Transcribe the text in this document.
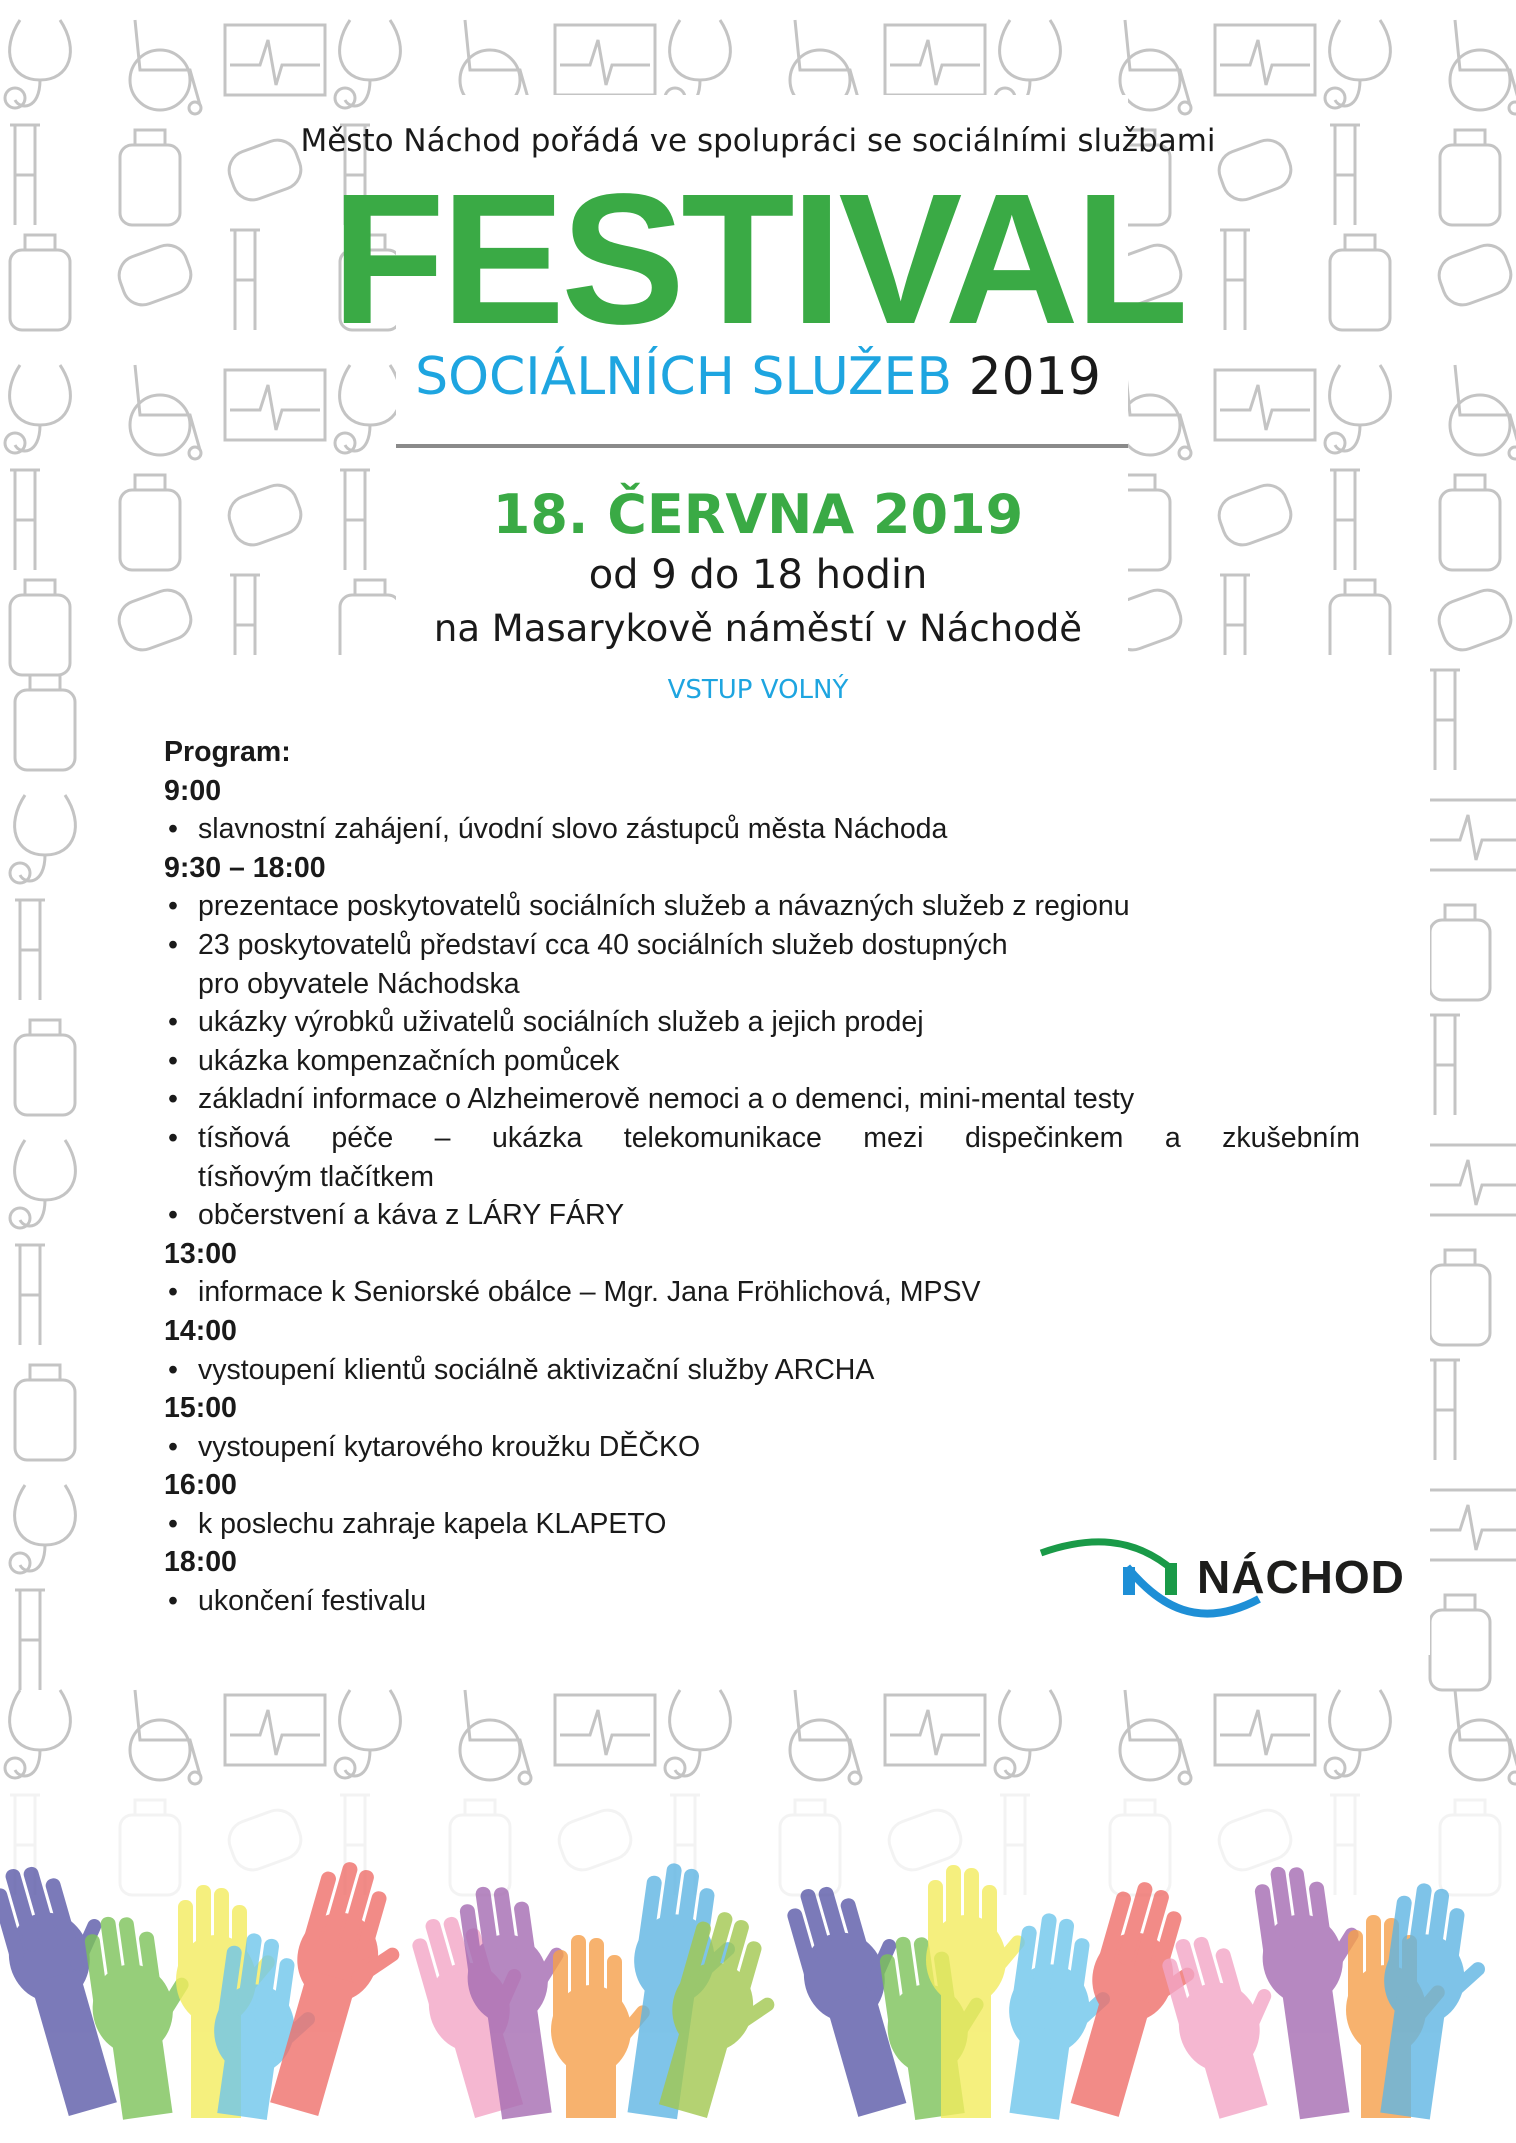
Město Náchod pořádá ve spolupráci se sociálními službami
FESTIVAL
SOCIÁLNÍCH SLUŽEB 2019
18. ČERVNA 2019
od 9 do 18 hodin
na Masarykově náměstí v Náchodě
VSTUP VOLNÝ
Program:
9:00
• slavnostní zahájení, úvodní slovo zástupců města Náchoda
9:30 – 18:00
• prezentace poskytovatelů sociálních služeb a návazných služeb z regionu
• 23 poskytovatelů představí cca 40 sociálních služeb dostupných
pro obyvatele Náchodska
• ukázky výrobků uživatelů sociálních služeb a jejich prodej
• ukázka kompenzačních pomůcek
• základní informace o Alzheimerově nemoci a o demenci, mini-mental testy
• tísňová péče – ukázka telekomunikace mezi dispečinkem a zkušebním
tísňovým tlačítkem
• občerstvení a káva z LÁRY FÁRY
13:00
• informace k Seniorské obálce – Mgr. Jana Fröhlichová, MPSV
14:00
• vystoupení klientů sociálně aktivizační služby ARCHA
15:00
• vystoupení kytarového kroužku DĚČKO
16:00
• k poslechu zahraje kapela KLAPETO
18:00
• ukončení festivalu	NÁCHOD
